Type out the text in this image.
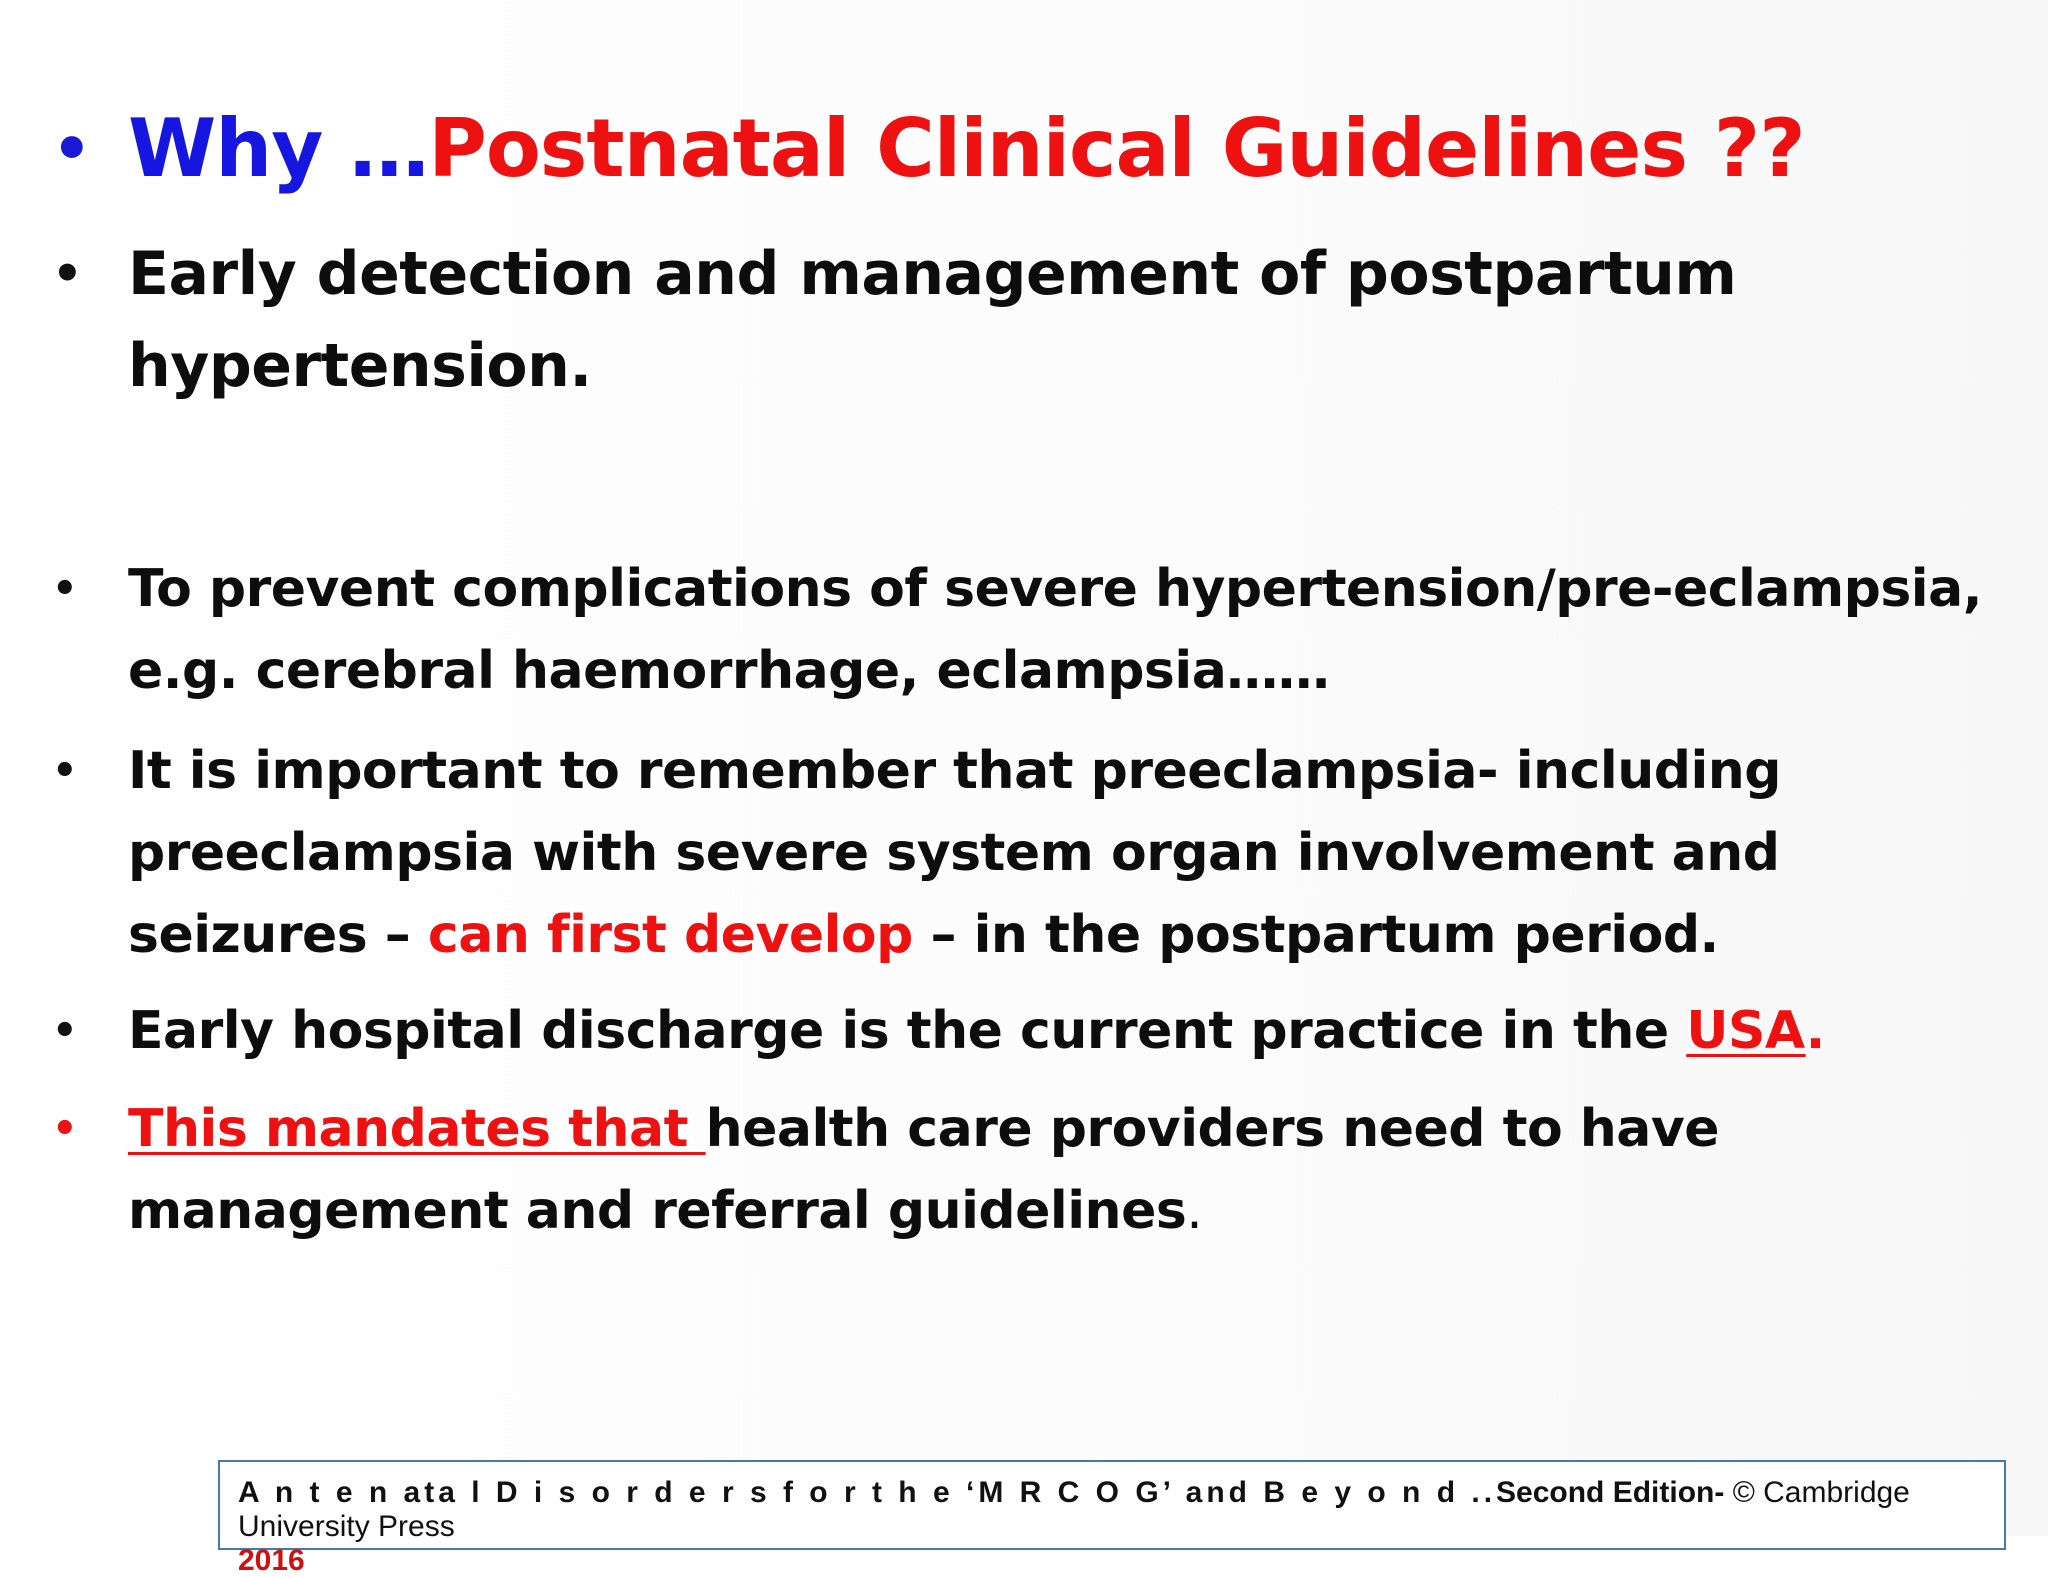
• Why …Postnatal Clinical Guidelines ??
• Early detection and management of postpartum hypertension.
• To prevent complications of severe hypertension/pre-eclampsia, e.g. cerebral haemorrhage, eclampsia……
• It is important to remember that preeclampsia- including preeclampsia with severe system organ involvement and seizures – can first develop – in the postpartum period.
• Early hospital discharge is the current practice in the USA.
• This mandates that health care providers need to have management and referral guidelines.
A n t e n ata l D i s o r d e r s f o r t h e ‘M R C O G’ and B e y o n d ..Second Edition- © Cambridge University Press
2016
